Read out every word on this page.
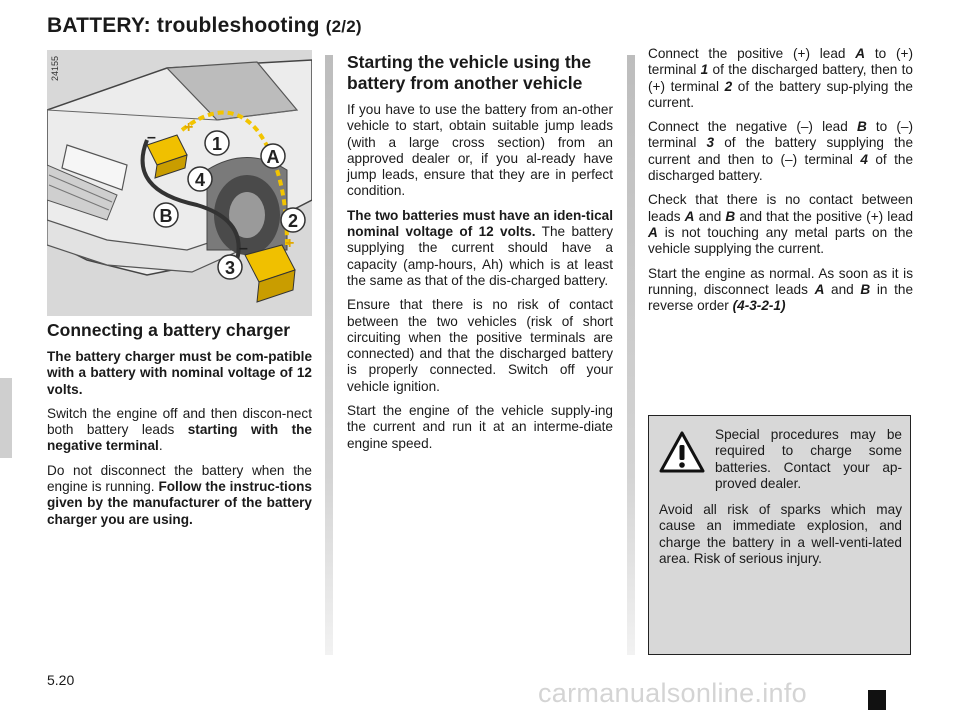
BATTERY: troubleshooting (2/2)
1
A
4
B	2
3
+
+
–
–
24155
Connecting a battery charger

The battery charger must be com-patible with a battery with nominal voltage of 12 volts.

Switch the engine off and then discon-nect both battery leads starting with the negative terminal.

Do not disconnect the battery when the engine is running. Follow the instruc-tions given by the manufacturer of the battery charger you are using.

Starting the vehicle using the battery from another vehicle

If you have to use the battery from an-other vehicle to start, obtain suitable jump leads (with a large cross section) from an approved dealer or, if you al-ready have jump leads, ensure that they are in perfect condition.

The two batteries must have an iden-tical nominal voltage of 12 volts. The battery supplying the current should have a capacity (amp-hours, Ah) which is at least the same as that of the dis-charged battery.

Ensure that there is no risk of contact between the two vehicles (risk of short circuiting when the positive terminals are connected) and that the discharged battery is properly connected. Switch off your vehicle ignition.

Start the engine of the vehicle supply-ing the current and run it at an interme-diate engine speed.

Connect the positive (+) lead A to (+) terminal 1 of the discharged battery, then to (+) terminal 2 of the battery sup-plying the current.

Connect the negative (–) lead B to (–) terminal 3 of the battery supplying the current and then to (–) terminal 4 of the discharged battery.

Check that there is no contact between leads A and B and that the positive (+) lead A is not touching any metal parts on the vehicle supplying the current.

Start the engine as normal. As soon as it is running, disconnect leads A and B in the reverse order (4-3-2-1)

Special procedures may be required to charge some batteries. Contact your ap-proved dealer.
Avoid all risk of sparks which may cause an immediate explosion, and charge the battery in a well-venti-lated area. Risk of serious injury.
5.20	carmanualsonline.info
